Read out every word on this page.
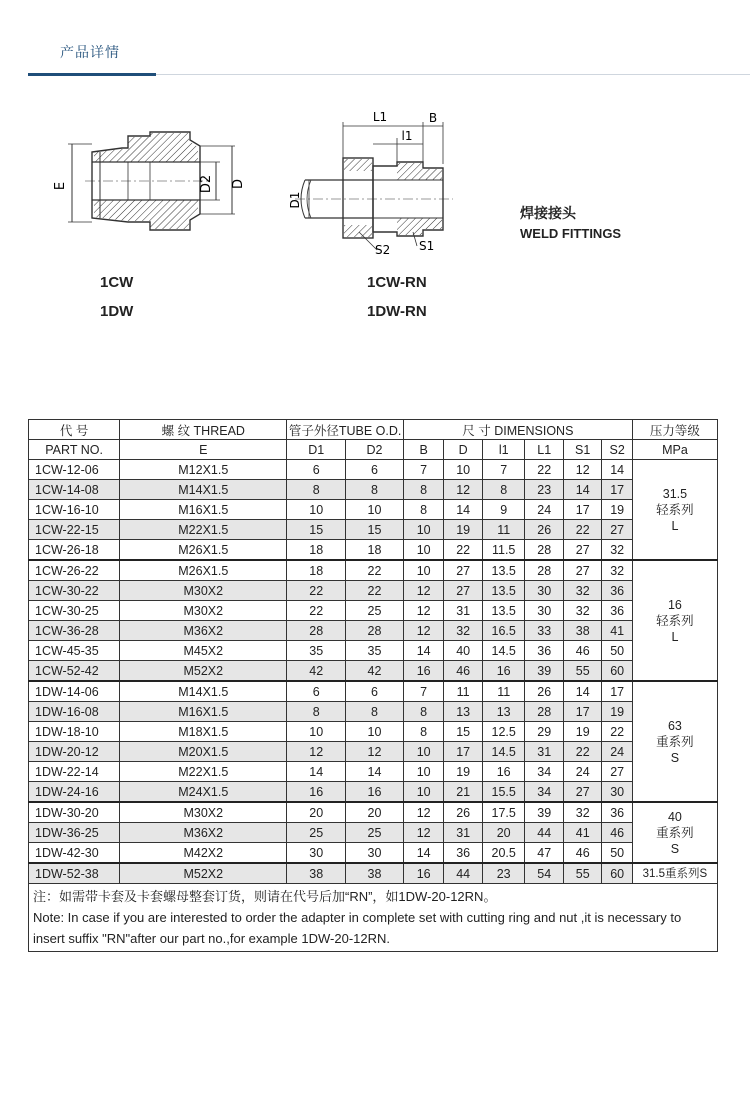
产品详情
E	D2 D
L1	B
l1
D1
S2 S1
焊接接头
WELD FITTINGS
1CW
1DW
1CW-RN
1DW-RN
代 号	螺 纹 THREAD	管子外径TUBE O.D.		尺 寸 DIMENSIONS						压力等级
PART NO.	E	D1	D2	B	D	l1	L1	S1	S2	MPa
1CW-12-06	M12X1.5	6	6	7	10	7	22	12	14	31.5
轻系列
L

1CW-14-08	M14X1.5	8	8	8	12	8	23	14	17	
1CW-16-10	M16X1.5	10	10	8	14	9	24	17	19	
1CW-22-15	M22X1.5	15	15	10	19	11	26	22	27	
1CW-26-18	M26X1.5	18	18	10	22	11.5	28	27	32	
1CW-26-22	M26X1.5	18	22	10	27	13.5	28	27	32	16
轻系列
L

1CW-30-22	M30X2	22	22	12	27	13.5	30	32	36	
1CW-30-25	M30X2	22	25	12	31	13.5	30	32	36	
1CW-36-28	M36X2	28	28	12	32	16.5	33	38	41	
1CW-45-35	M45X2	35	35	14	40	14.5	36	46	50	
1CW-52-42	M52X2	42	42	16	46	16	39	55	60	
1DW-14-06	M14X1.5	6	6	7	11	11	26	14	17	63
重系列
S

1DW-16-08	M16X1.5	8	8	8	13	13	28	17	19	
1DW-18-10	M18X1.5	10	10	8	15	12.5	29	19	22	
1DW-20-12	M20X1.5	12	12	10	17	14.5	31	22	24	
1DW-22-14	M22X1.5	14	14	10	19	16	34	24	27	
1DW-24-16	M24X1.5	16	16	10	21	15.5	34	27	30	
1DW-30-20	M30X2	20	20	12	26	17.5	39	32	36	40
重系列
S

1DW-36-25	M36X2	25	25	12	31	20	44	41	46	
1DW-42-30	M42X2	30	30	14	36	20.5	47	46	50	
1DW-52-38	M52X2	38	38	16	44	23	54	55	60	31.5重系列S

注：如需带卡套及卡套螺母整套订货，则请在代号后加“RN”，如1DW-20-12RN。
Note: In case if you are interested to order the adapter in complete set with cutting ring and nut ,it is necessary to insert suffix "RN"after our part no.,for example 1DW-20-12RN.										
